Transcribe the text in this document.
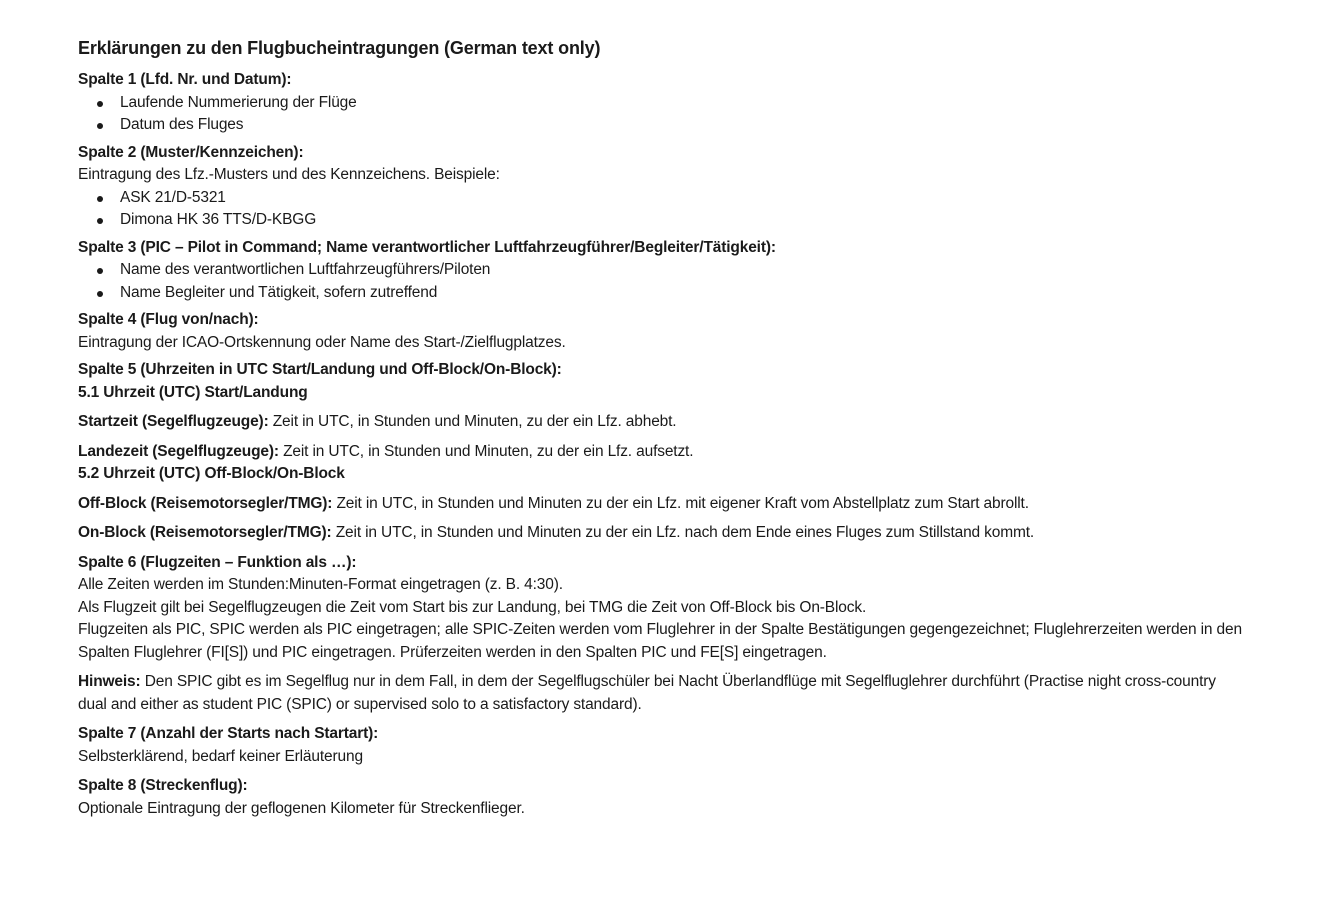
Erklärungen zu den Flugbucheintragungen (German text only)

Spalte 1 (Lfd. Nr. und Datum):

Laufende Nummerierung der Flüge
Datum des Fluges

Spalte 2 (Muster/Kennzeichen):

Eintragung des Lfz.-Musters und des Kennzeichens. Beispiele:

ASK 21/D-5321
Dimona HK 36 TTS/D-KBGG

Spalte 3 (PIC – Pilot in Command; Name verantwortlicher Luftfahrzeugführer/Begleiter/Tätigkeit):

Name des verantwortlichen Luftfahrzeugführers/Piloten
Name Begleiter und Tätigkeit, sofern zutreffend

Spalte 4 (Flug von/nach):

Eintragung der ICAO-Ortskennung oder Name des Start-/Zielflugplatzes.

Spalte 5 (Uhrzeiten in UTC Start/Landung und Off-Block/On-Block):

5.1 Uhrzeit (UTC) Start/Landung

Startzeit (Segelflugzeuge): Zeit in UTC, in Stunden und Minuten, zu der ein Lfz. abhebt.

Landezeit (Segelflugzeuge): Zeit in UTC, in Stunden und Minuten, zu der ein Lfz. aufsetzt.

5.2 Uhrzeit (UTC) Off-Block/On-Block

Off-Block (Reisemotorsegler/TMG): Zeit in UTC, in Stunden und Minuten zu der ein Lfz. mit eigener Kraft vom Abstellplatz zum Start abrollt.

On-Block (Reisemotorsegler/TMG): Zeit in UTC, in Stunden und Minuten zu der ein Lfz. nach dem Ende eines Fluges zum Stillstand kommt.

Spalte 6 (Flugzeiten – Funktion als …):

Alle Zeiten werden im Stunden:Minuten-Format eingetragen (z. B. 4:30).

Als Flugzeit gilt bei Segelflugzeugen die Zeit vom Start bis zur Landung, bei TMG die Zeit von Off-Block bis On-Block.

Flugzeiten als PIC, SPIC werden als PIC eingetragen; alle SPIC-Zeiten werden vom Fluglehrer in der Spalte Bestätigungen gegengezeichnet; Fluglehrerzeiten werden in den Spalten Fluglehrer (FI[S]) und PIC eingetragen. Prüferzeiten werden in den Spalten PIC und FE[S] eingetragen.

Hinweis: Den SPIC gibt es im Segelflug nur in dem Fall, in dem der Segelflugschüler bei Nacht Überlandflüge mit Segelfluglehrer durchführt (Practise night cross-country dual and either as student PIC (SPIC) or supervised solo to a satisfactory standard).

Spalte 7 (Anzahl der Starts nach Startart):

Selbsterklärend, bedarf keiner Erläuterung

Spalte 8 (Streckenflug):

Optionale Eintragung der geflogenen Kilometer für Streckenflieger.
